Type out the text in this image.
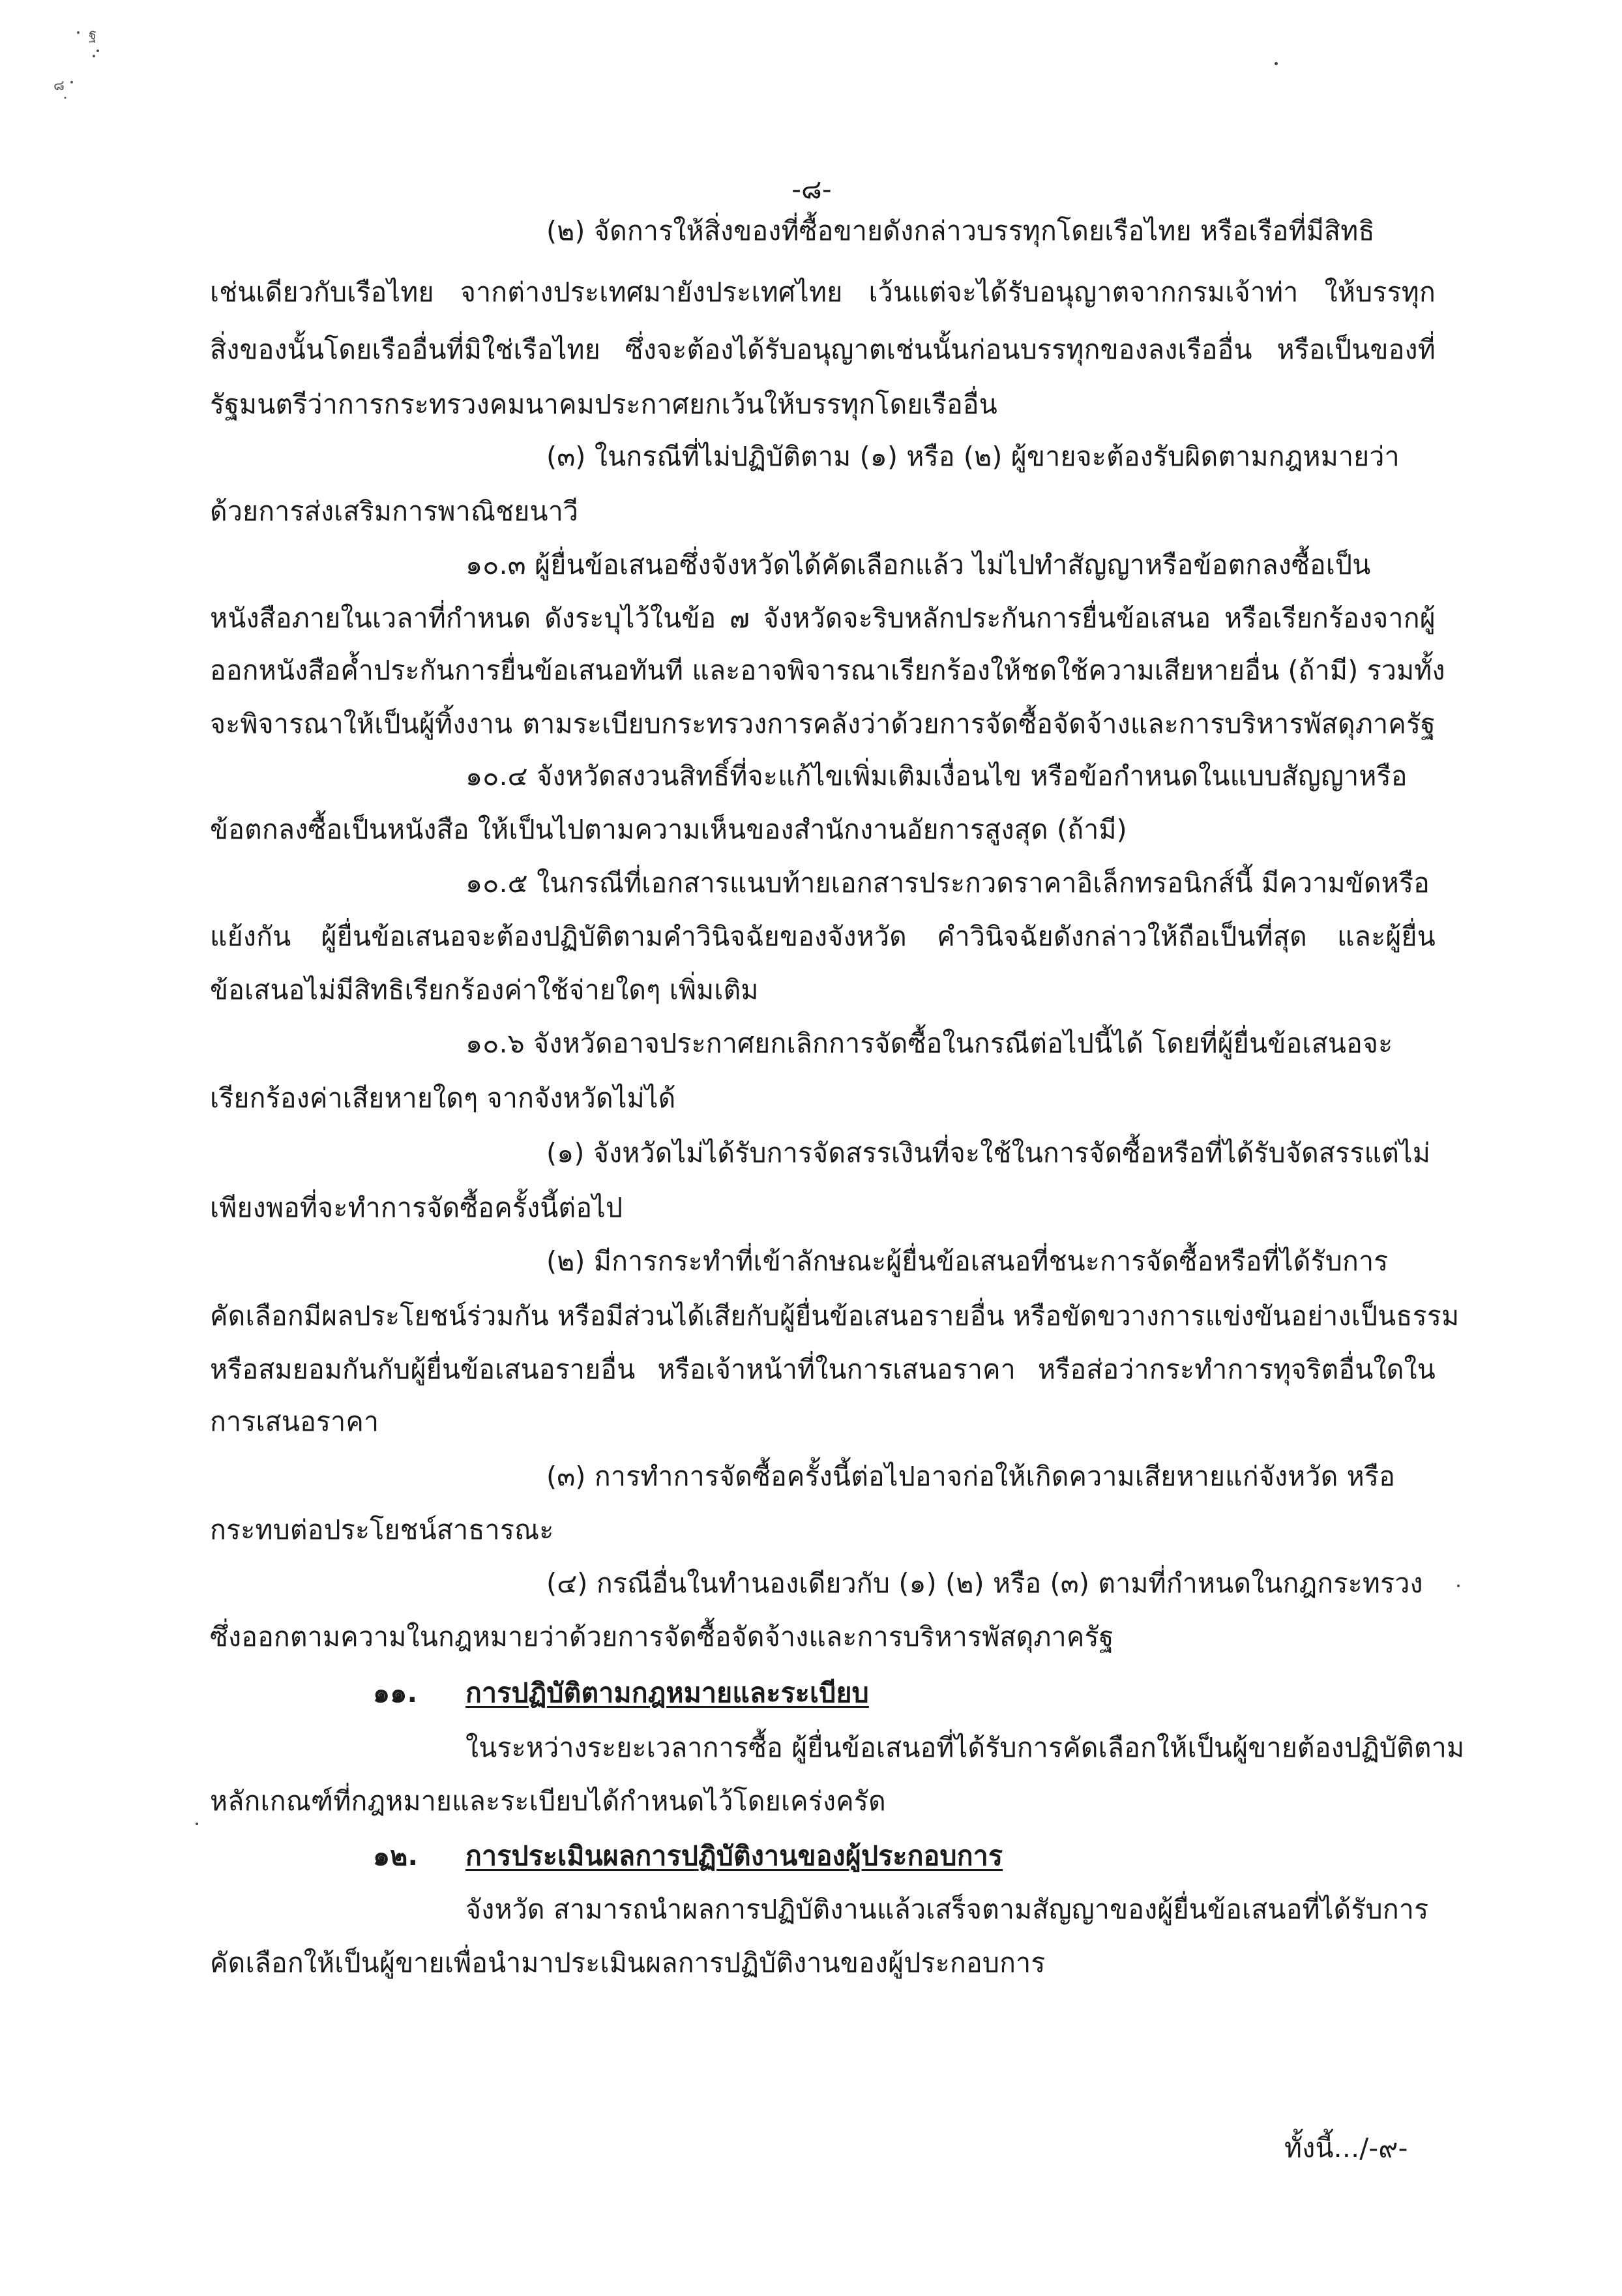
ฐ
๘
-๘-
(๒) จัดการให้สิ่งของที่ซื้อขายดังกล่าวบรรทุกโดยเรือไทย หรือเรือที่มีสิทธิ
เช่นเดียวกับเรือไทย จากต่างประเทศมายังประเทศไทย เว้นแต่จะได้รับอนุญาตจากกรมเจ้าท่า ให้บรรทุก
สิ่งของนั้นโดยเรืออื่นที่มิใช่เรือไทย ซึ่งจะต้องได้รับอนุญาตเช่นนั้นก่อนบรรทุกของลงเรืออื่น หรือเป็นของที่
รัฐมนตรีว่าการกระทรวงคมนาคมประกาศยกเว้นให้บรรทุกโดยเรืออื่น
(๓) ในกรณีที่ไม่ปฏิบัติตาม (๑) หรือ (๒) ผู้ขายจะต้องรับผิดตามกฎหมายว่า
ด้วยการส่งเสริมการพาณิชยนาวี
๑๐.๓ ผู้ยื่นข้อเสนอซึ่งจังหวัดได้คัดเลือกแล้ว ไม่ไปทำสัญญาหรือข้อตกลงซื้อเป็น
หนังสือภายในเวลาที่กำหนด ดังระบุไว้ในข้อ ๗ จังหวัดจะริบหลักประกันการยื่นข้อเสนอ หรือเรียกร้องจากผู้
ออกหนังสือค้ำประกันการยื่นข้อเสนอทันที และอาจพิจารณาเรียกร้องให้ชดใช้ความเสียหายอื่น (ถ้ามี) รวมทั้ง
จะพิจารณาให้เป็นผู้ทิ้งงาน ตามระเบียบกระทรวงการคลังว่าด้วยการจัดซื้อจัดจ้างและการบริหารพัสดุภาครัฐ
๑๐.๔ จังหวัดสงวนสิทธิ์ที่จะแก้ไขเพิ่มเติมเงื่อนไข หรือข้อกำหนดในแบบสัญญาหรือ
ข้อตกลงซื้อเป็นหนังสือ ให้เป็นไปตามความเห็นของสำนักงานอัยการสูงสุด (ถ้ามี)
๑๐.๕ ในกรณีที่เอกสารแนบท้ายเอกสารประกวดราคาอิเล็กทรอนิกส์นี้ มีความขัดหรือ
แย้งกัน ผู้ยื่นข้อเสนอจะต้องปฏิบัติตามคำวินิจฉัยของจังหวัด คำวินิจฉัยดังกล่าวให้ถือเป็นที่สุด และผู้ยื่น
ข้อเสนอไม่มีสิทธิเรียกร้องค่าใช้จ่ายใดๆ เพิ่มเติม
๑๐.๖ จังหวัดอาจประกาศยกเลิกการจัดซื้อในกรณีต่อไปนี้ได้ โดยที่ผู้ยื่นข้อเสนอจะ
เรียกร้องค่าเสียหายใดๆ จากจังหวัดไม่ได้
(๑) จังหวัดไม่ได้รับการจัดสรรเงินที่จะใช้ในการจัดซื้อหรือที่ได้รับจัดสรรแต่ไม่
เพียงพอที่จะทำการจัดซื้อครั้งนี้ต่อไป
(๒) มีการกระทำที่เข้าลักษณะผู้ยื่นข้อเสนอที่ชนะการจัดซื้อหรือที่ได้รับการ
คัดเลือกมีผลประโยชน์ร่วมกัน หรือมีส่วนได้เสียกับผู้ยื่นข้อเสนอรายอื่น หรือขัดขวางการแข่งขันอย่างเป็นธรรม
หรือสมยอมกันกับผู้ยื่นข้อเสนอรายอื่น หรือเจ้าหน้าที่ในการเสนอราคา หรือส่อว่ากระทำการทุจริตอื่นใดใน
การเสนอราคา
(๓) การทำการจัดซื้อครั้งนี้ต่อไปอาจก่อให้เกิดความเสียหายแก่จังหวัด หรือ
กระทบต่อประโยชน์สาธารณะ
(๔) กรณีอื่นในทำนองเดียวกับ (๑) (๒) หรือ (๓) ตามที่กำหนดในกฎกระทรวง
ซึ่งออกตามความในกฎหมายว่าด้วยการจัดซื้อจัดจ้างและการบริหารพัสดุภาครัฐ
๑๑. การปฏิบัติตามกฎหมายและระเบียบ
ในระหว่างระยะเวลาการซื้อ ผู้ยื่นข้อเสนอที่ได้รับการคัดเลือกให้เป็นผู้ขายต้องปฏิบัติตาม
หลักเกณฑ์ที่กฎหมายและระเบียบได้กำหนดไว้โดยเคร่งครัด
๑๒. การประเมินผลการปฏิบัติงานของผู้ประกอบการ
จังหวัด สามารถนำผลการปฏิบัติงานแล้วเสร็จตามสัญญาของผู้ยื่นข้อเสนอที่ได้รับการ
คัดเลือกให้เป็นผู้ขายเพื่อนำมาประเมินผลการปฏิบัติงานของผู้ประกอบการ
ทั้งนี้.../-๙-
